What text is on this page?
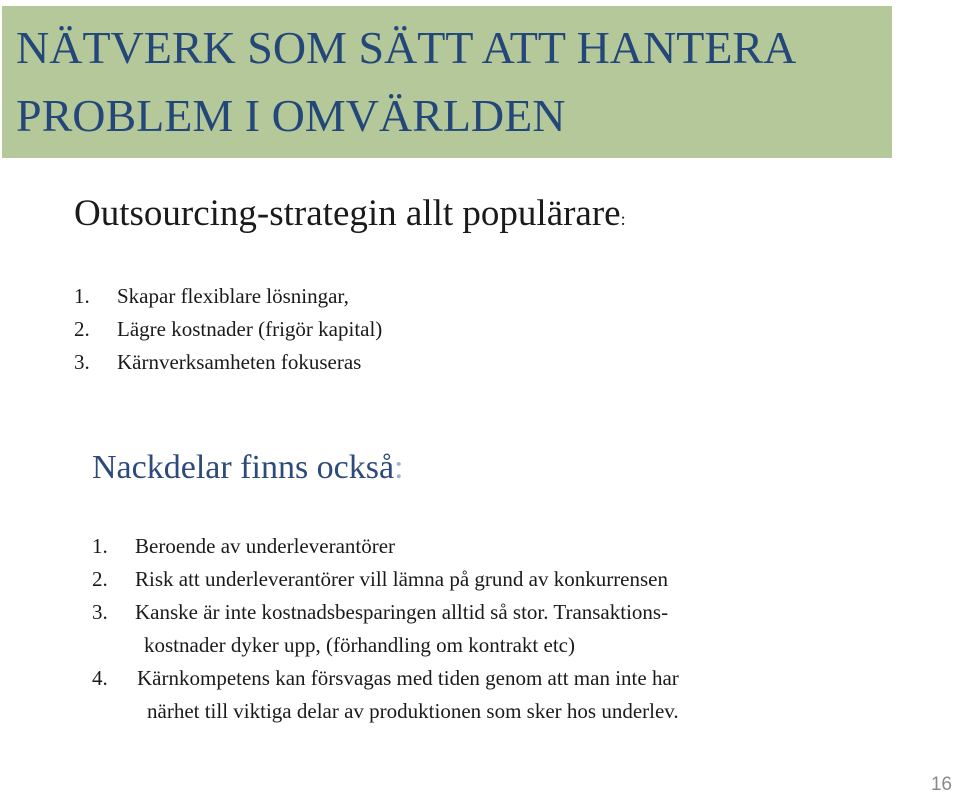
NÄTVERK SOM SÄTT ATT HANTERA
PROBLEM I OMVÄRLDEN
Outsourcing-strategin allt populärare:
1. Skapar flexiblare lösningar,
2. Lägre kostnader (frigör kapital)
3. Kärnverksamheten fokuseras
Nackdelar finns också:
1. Beroende av underleverantörer
2. Risk att underleverantörer vill lämna på grund av konkurrensen
3. Kanske är inte kostnadsbesparingen alltid så stor. Transaktions-
kostnader dyker upp, (förhandling om kontrakt etc)
4. Kärnkompetens kan försvagas med tiden genom att man inte har
närhet till viktiga delar av produktionen som sker hos underlev.
16
